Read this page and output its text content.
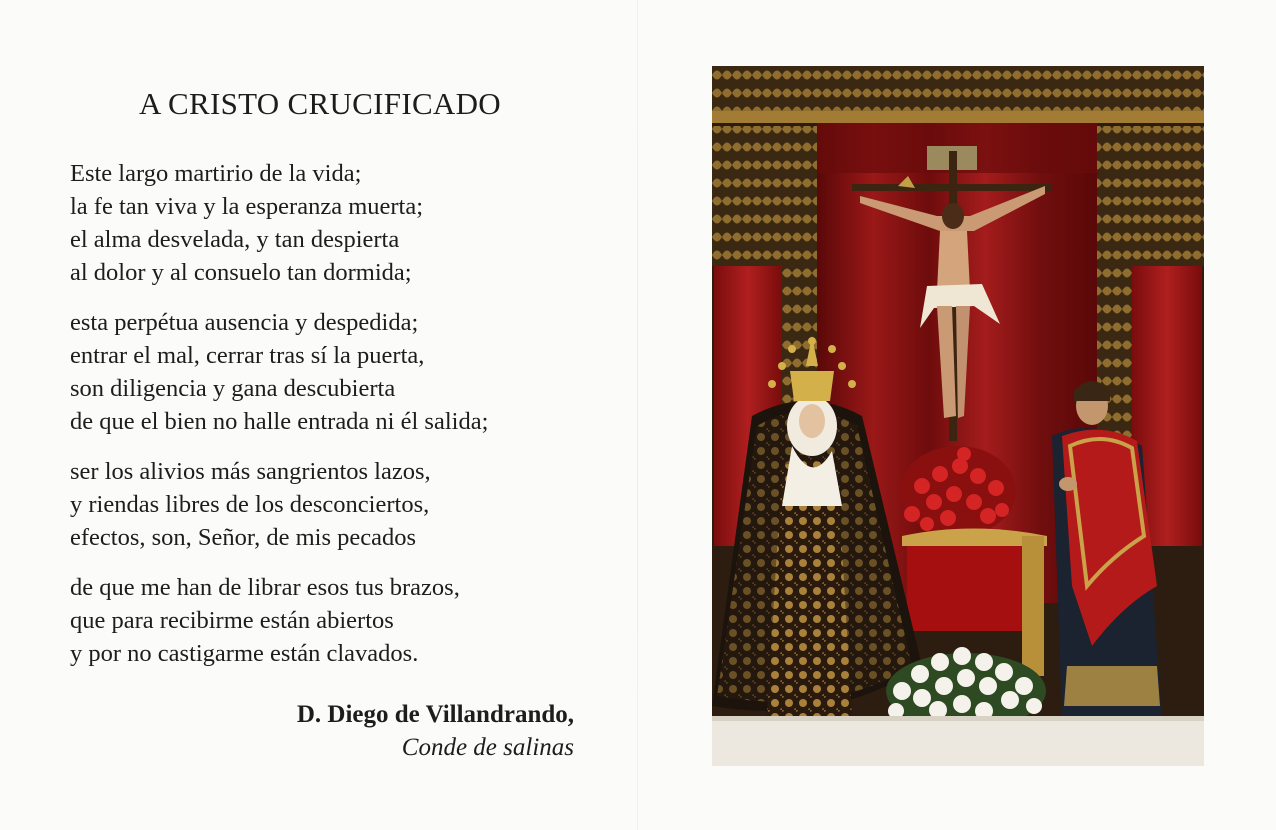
A CRISTO CRUCIFICADO

Este largo martirio de la vida;
la fe tan viva y la esperanza muerta;
el alma desvelada, y tan despierta
al dolor y al consuelo tan dormida;

esta perpétua ausencia y despedida;
entrar el mal, cerrar tras sí la puerta,
son diligencia y gana descubierta
de que el bien no halle entrada ni él salida;

ser los alivios más sangrientos lazos,
y riendas libres de los desconciertos,
efectos, son, Señor, de mis pecados

de que me han de librar esos tus brazos,
que para recibirme están abiertos
y por no castigarme están clavados.

D. Diego de Villandrando,
Conde de salinas
